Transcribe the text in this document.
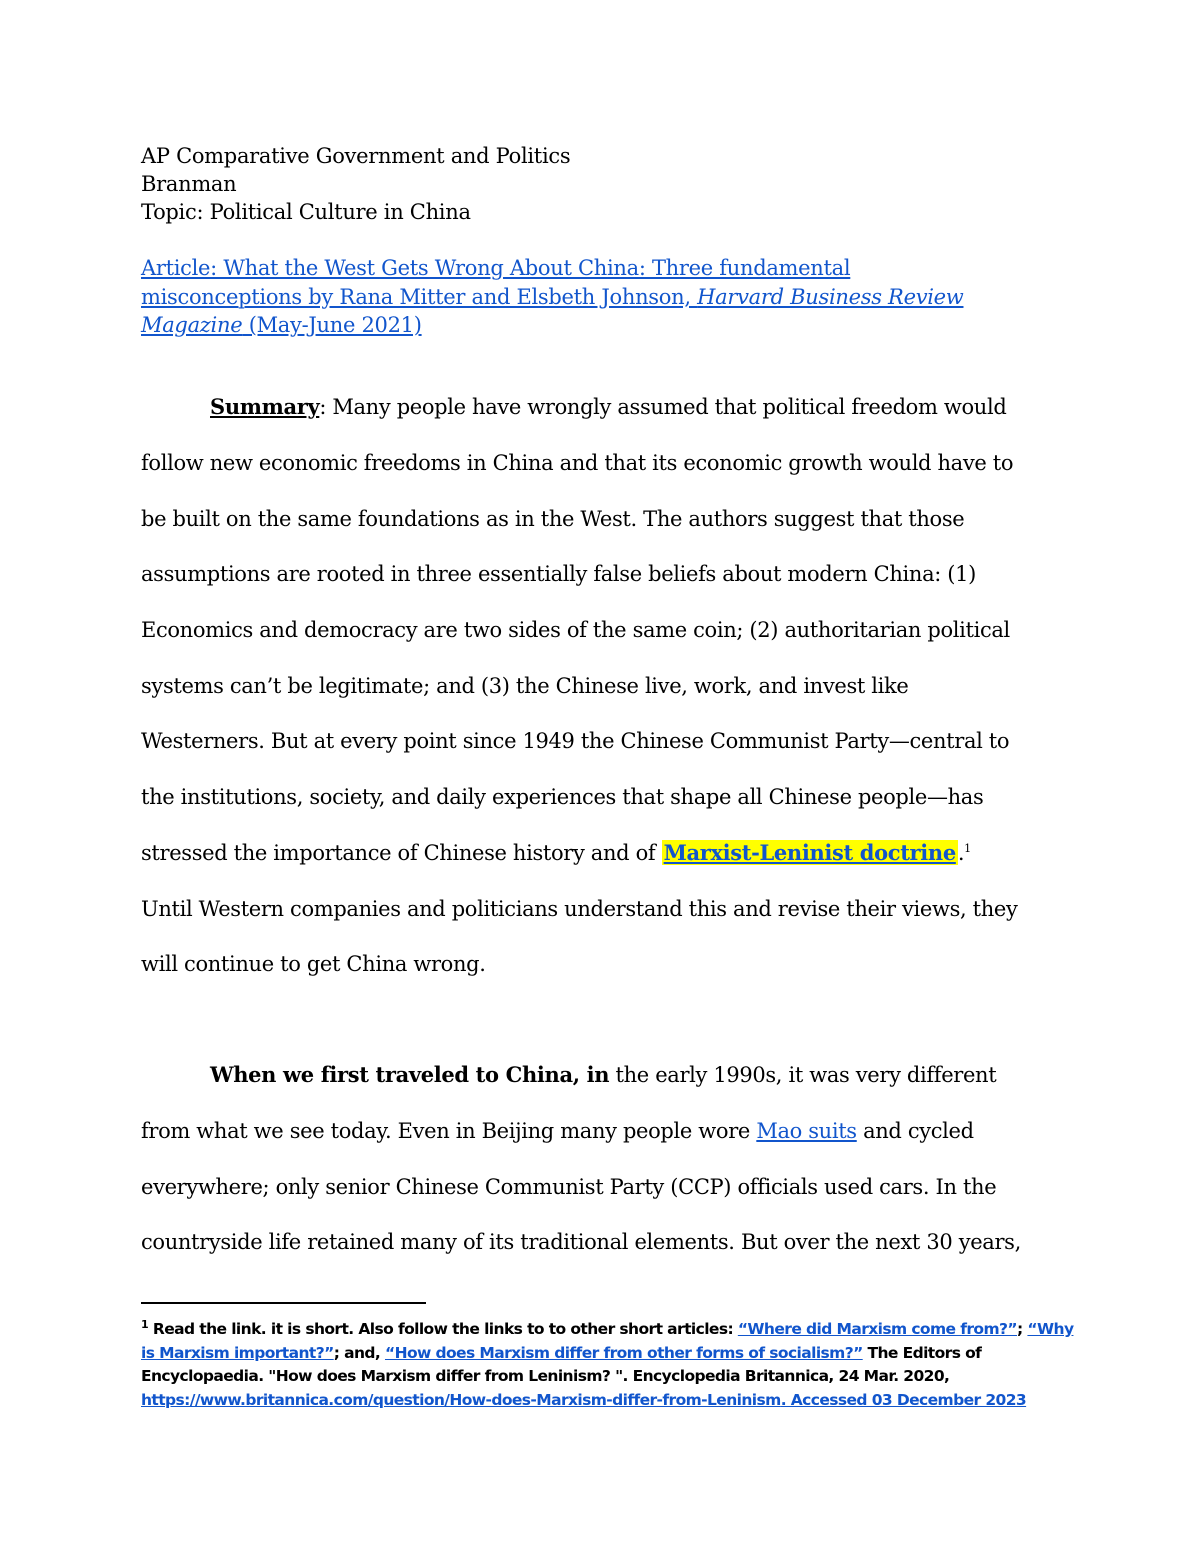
AP Comparative Government and Politics
Branman
Topic: Political Culture in China
Article: What the West Gets Wrong About China: Three fundamental
misconceptions by Rana Mitter and Elsbeth Johnson, Harvard Business Review
Magazine (May-June 2021)
Summary: Many people have wrongly assumed that political freedom would
follow new economic freedoms in China and that its economic growth would have to
be built on the same foundations as in the West. The authors suggest that those
assumptions are rooted in three essentially false beliefs about modern China: (1)
Economics and democracy are two sides of the same coin; (2) authoritarian political
systems can’t be legitimate; and (3) the Chinese live, work, and invest like
Westerners. But at every point since 1949 the Chinese Communist Party—central to
the institutions, society, and daily experiences that shape all Chinese people—has
stressed the importance of Chinese history and of Marxist-Leninist doctrine.$^1$
Until Western companies and politicians understand this and revise their views, they
will continue to get China wrong.
When we first traveled to China, in the early 1990s, it was very different
from what we see today. Even in Beijing many people wore Mao suits and cycled
everywhere; only senior Chinese Communist Party (CCP) officials used cars. In the
countryside life retained many of its traditional elements. But over the next 30 years,
$^1$ Read the link. it is short. Also follow the links to to other short articles: “Where did Marxism come from?”; “Why
is Marxism important?”; and, “How does Marxism differ from other forms of socialism?” The Editors of
Encyclopaedia. "How does Marxism differ from Leninism? ". Encyclopedia Britannica, 24 Mar. 2020,
https://www.britannica.com/question/How-does-Marxism-differ-from-Leninism. Accessed 03 December 2023
